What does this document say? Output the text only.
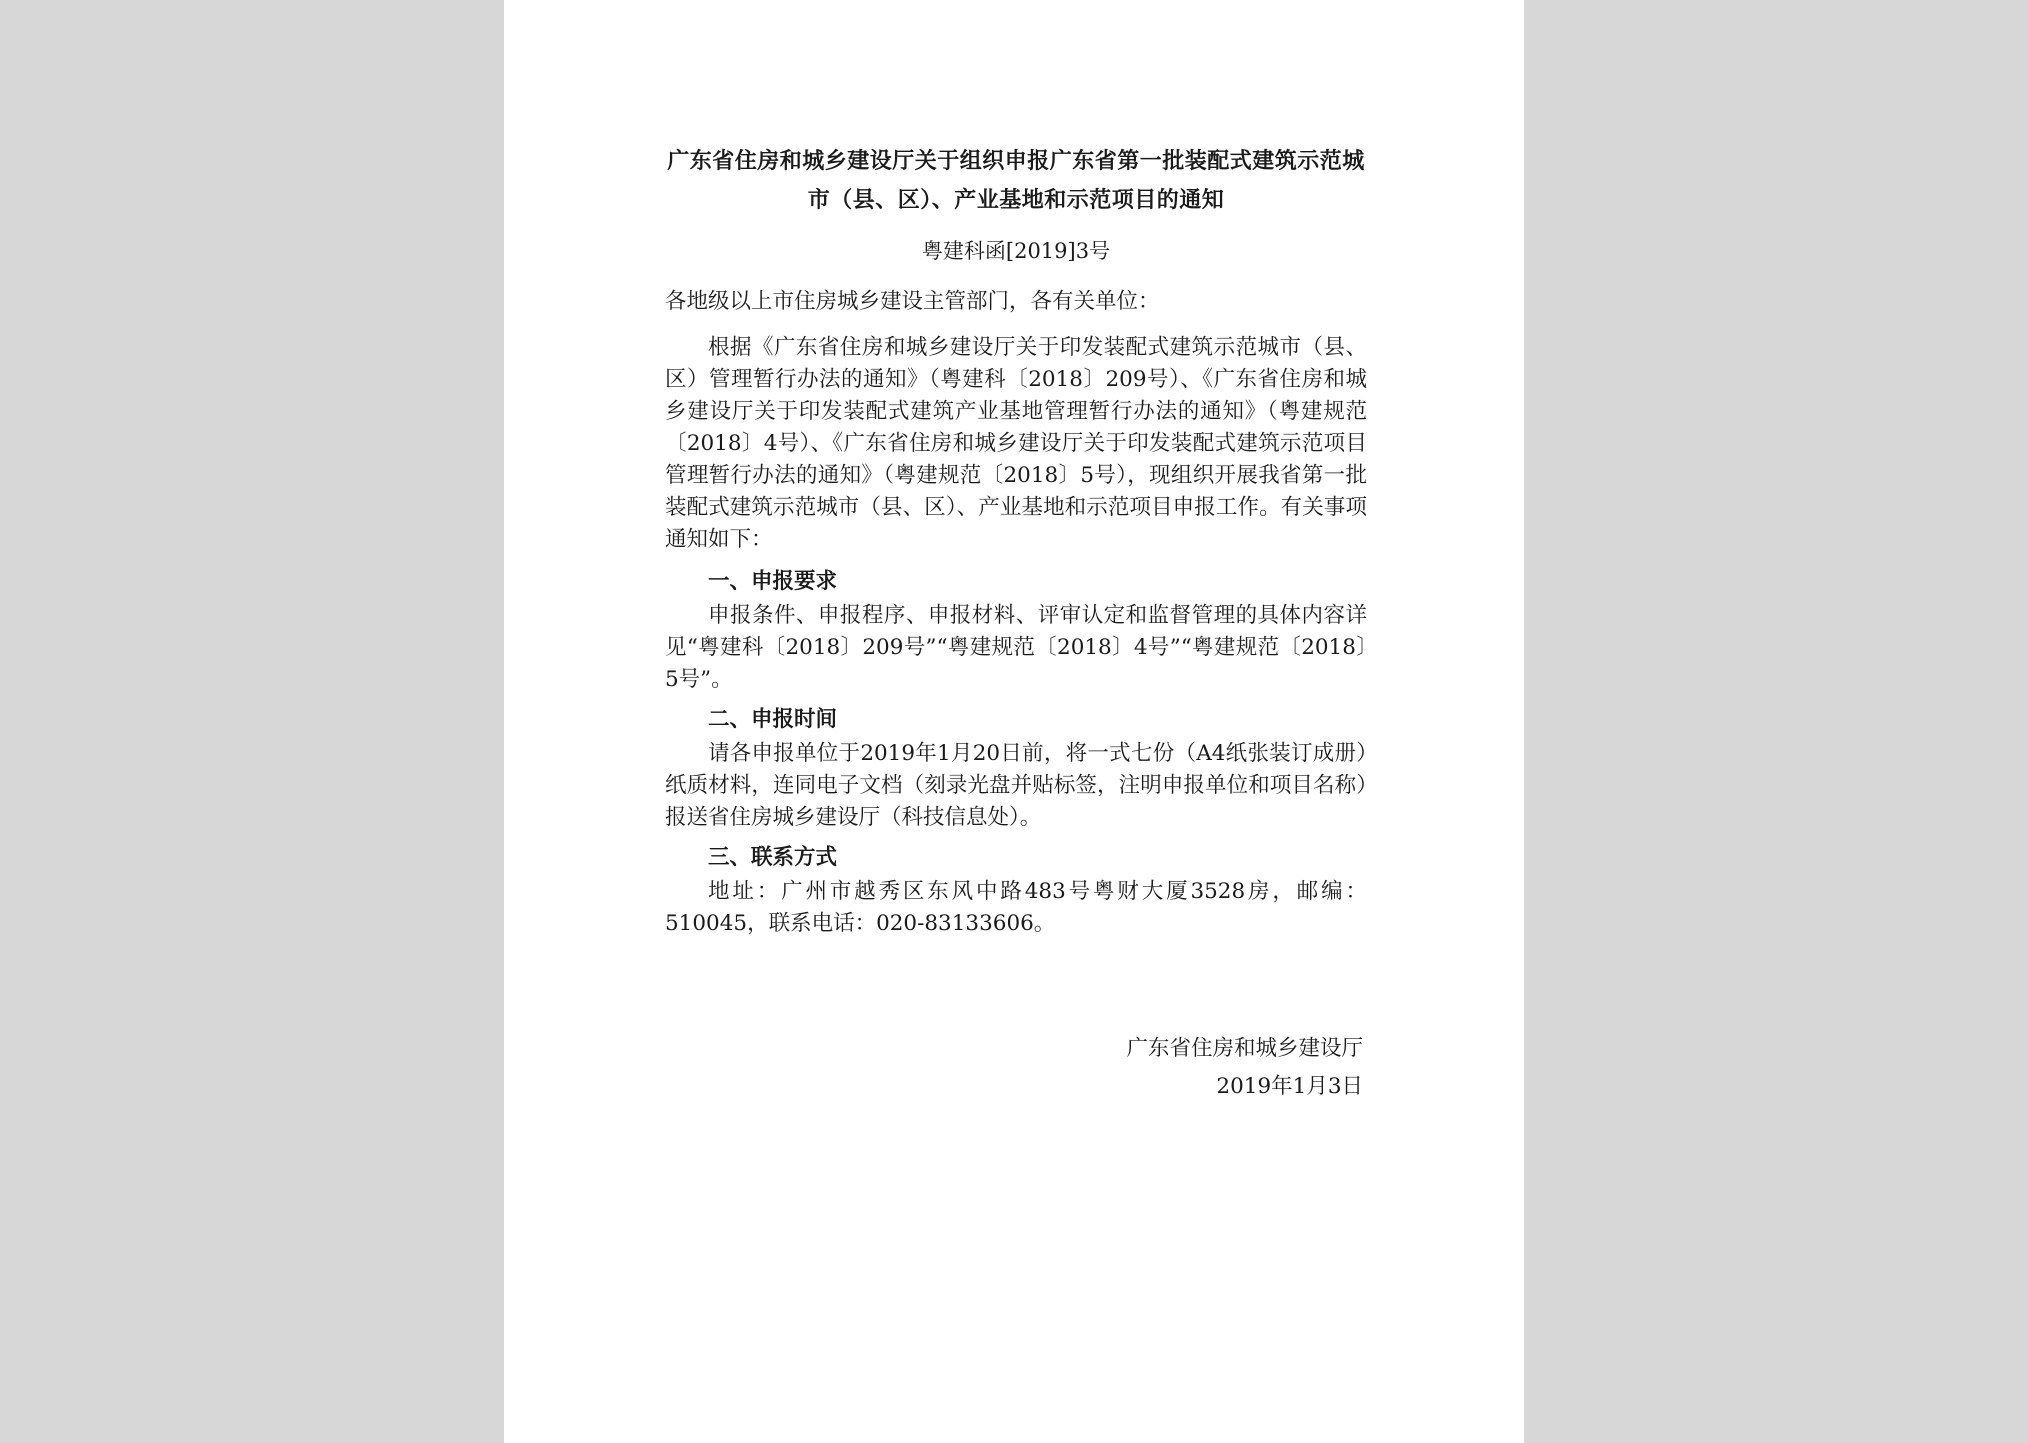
广东省住房和城乡建设厅关于组织申报广东省第一批装配式建筑示范城市（县、区）、产业基地和示范项目的通知

粤建科函[2019]3号

各地级以上市住房城乡建设主管部门，各有关单位：

根据《广东省住房和城乡建设厅关于印发装配式建筑示范城市（县、区）管理暂行办法的通知》（粤建科〔2018〕209号）、《广东省住房和城乡建设厅关于印发装配式建筑产业基地管理暂行办法的通知》（粤建规范〔2018〕4号）、《广东省住房和城乡建设厅关于印发装配式建筑示范项目管理暂行办法的通知》（粤建规范〔2018〕5号），现组织开展我省第一批装配式建筑示范城市（县、区）、产业基地和示范项目申报工作。有关事项通知如下：

一、申报要求

申报条件、申报程序、申报材料、评审认定和监督管理的具体内容详见“粤建科〔2018〕209号”“粤建规范〔2018〕4号”“粤建规范〔2018〕5号”。

二、申报时间

请各申报单位于2019年1月20日前，将一式七份（A4纸张装订成册）纸质材料，连同电子文档（刻录光盘并贴标签，注明申报单位和项目名称）报送省住房城乡建设厅（科技信息处）。

三、联系方式

地址：广州市越秀区东风中路483号粤财大厦3528房，邮编：510045，联系电话：020-83133606。

广东省住房和城乡建设厅
2019年1月3日
